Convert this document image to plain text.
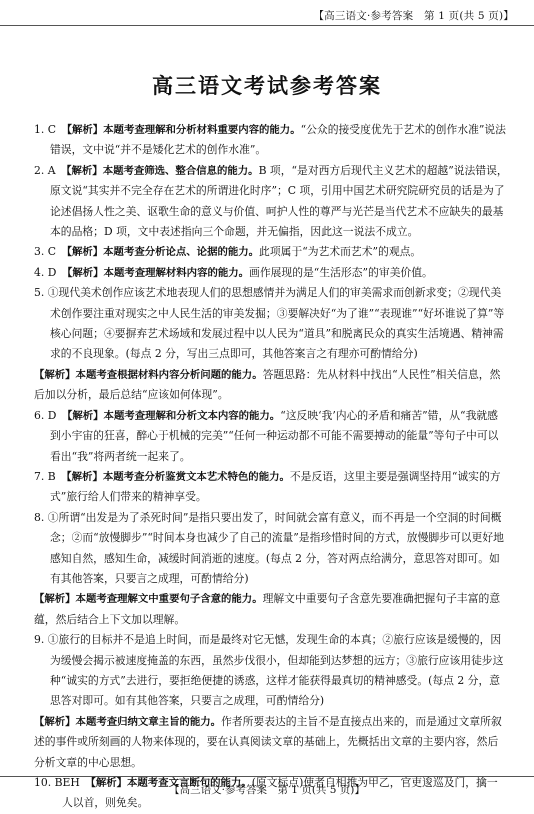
【高三语文·参考答案　第 1 页(共 5 页)】
高三语文考试参考答案

1. C　【解析】本题考查理解和分析材料重要内容的能力。“公众的接受度优先于艺术的创作水准”说法错误，文中说“并不是矮化艺术的创作水准”。

2. A　【解析】本题考查筛选、整合信息的能力。B 项，“是对西方后现代主义艺术的超越”说法错误，原文说“其实并不完全存在艺术的所谓进化时序”；C 项，引用中国艺术研究院研究员的话是为了论述倡扬人性之美、讴歌生命的意义与价值、呵护人性的尊严与光芒是当代艺术不应缺失的最基本的品格；D 项，文中表述指向三个命题，并无偏指，因此这一说法不成立。

3. C　【解析】本题考查分析论点、论据的能力。此项属于“为艺术而艺术”的观点。

4. D　【解析】本题考查理解材料内容的能力。画作展现的是“生活形态”的审美价值。

5. ①现代美术创作应该艺术地表现人们的思想感情并为满足人们的审美需求而创新求变；②现代美术创作要注重对现实之中人民生活的审美发掘；③要解决好“为了谁”“表现谁”“好坏谁说了算”等核心问题；④要摒弃艺术场域和发展过程中以人民为“道具”和脱离民众的真实生活境遇、精神需求的不良现象。(每点 2 分，写出三点即可，其他答案言之有理亦可酌情给分)

【解析】本题考查根据材料内容分析问题的能力。答题思路：先从材料中找出“人民性”相关信息，然后加以分析，最后总结“应该如何体现”。

6. D　【解析】本题考查理解和分析文本内容的能力。“这反映‘我’内心的矛盾和痛苦”错，从“我就感到小宇宙的狂喜，醉心于机械的完美”“任何一种运动都不可能不需要搏动的能量”等句子中可以看出“我”将两者统一起来了。

7. B　【解析】本题考查分析鉴赏文本艺术特色的能力。不是反语，这里主要是强调坚持用“诚实的方式”旅行给人们带来的精神享受。

8. ①所谓“出发是为了杀死时间”是指只要出发了，时间就会富有意义，而不再是一个空洞的时间概念；②而“放慢脚步”“时间本身也减少了自己的流量”是指珍惜时间的方式，放慢脚步可以更好地感知自然，感知生命，减缓时间消逝的速度。(每点 2 分，答对两点给满分，意思答对即可。如有其他答案，只要言之成理，可酌情给分)

【解析】本题考查理解文中重要句子含意的能力。理解文中重要句子含意先要准确把握句子丰富的意蕴，然后结合上下文加以理解。

9. ①旅行的目标并不是追上时间，而是最终对它无憾，发现生命的本真；②旅行应该是缓慢的，因为缓慢会揭示被速度掩盖的东西，虽然步伐很小，但却能到达梦想的远方；③旅行应该用徒步这种“诚实的方式”去进行，要拒绝便捷的诱惑，这样才能获得最真切的精神感受。(每点 2 分，意思答对即可。如有其他答案，只要言之成理，可酌情给分)

【解析】本题考查归纳文章主旨的能力。作者所要表达的主旨不是直接点出来的，而是通过文章所叙述的事件或所刻画的人物来体现的，要在认真阅读文章的基础上，先概括出文章的主要内容，然后分析文章的中心思想。

10. BEH　【解析】本题考查文言断句的能力。(原文标点)使者自相推为甲乙，官吏逡巡及门，擒一人以首，则免矣。

【高三语文·参考答案　第 1 页(共 5 页)】
